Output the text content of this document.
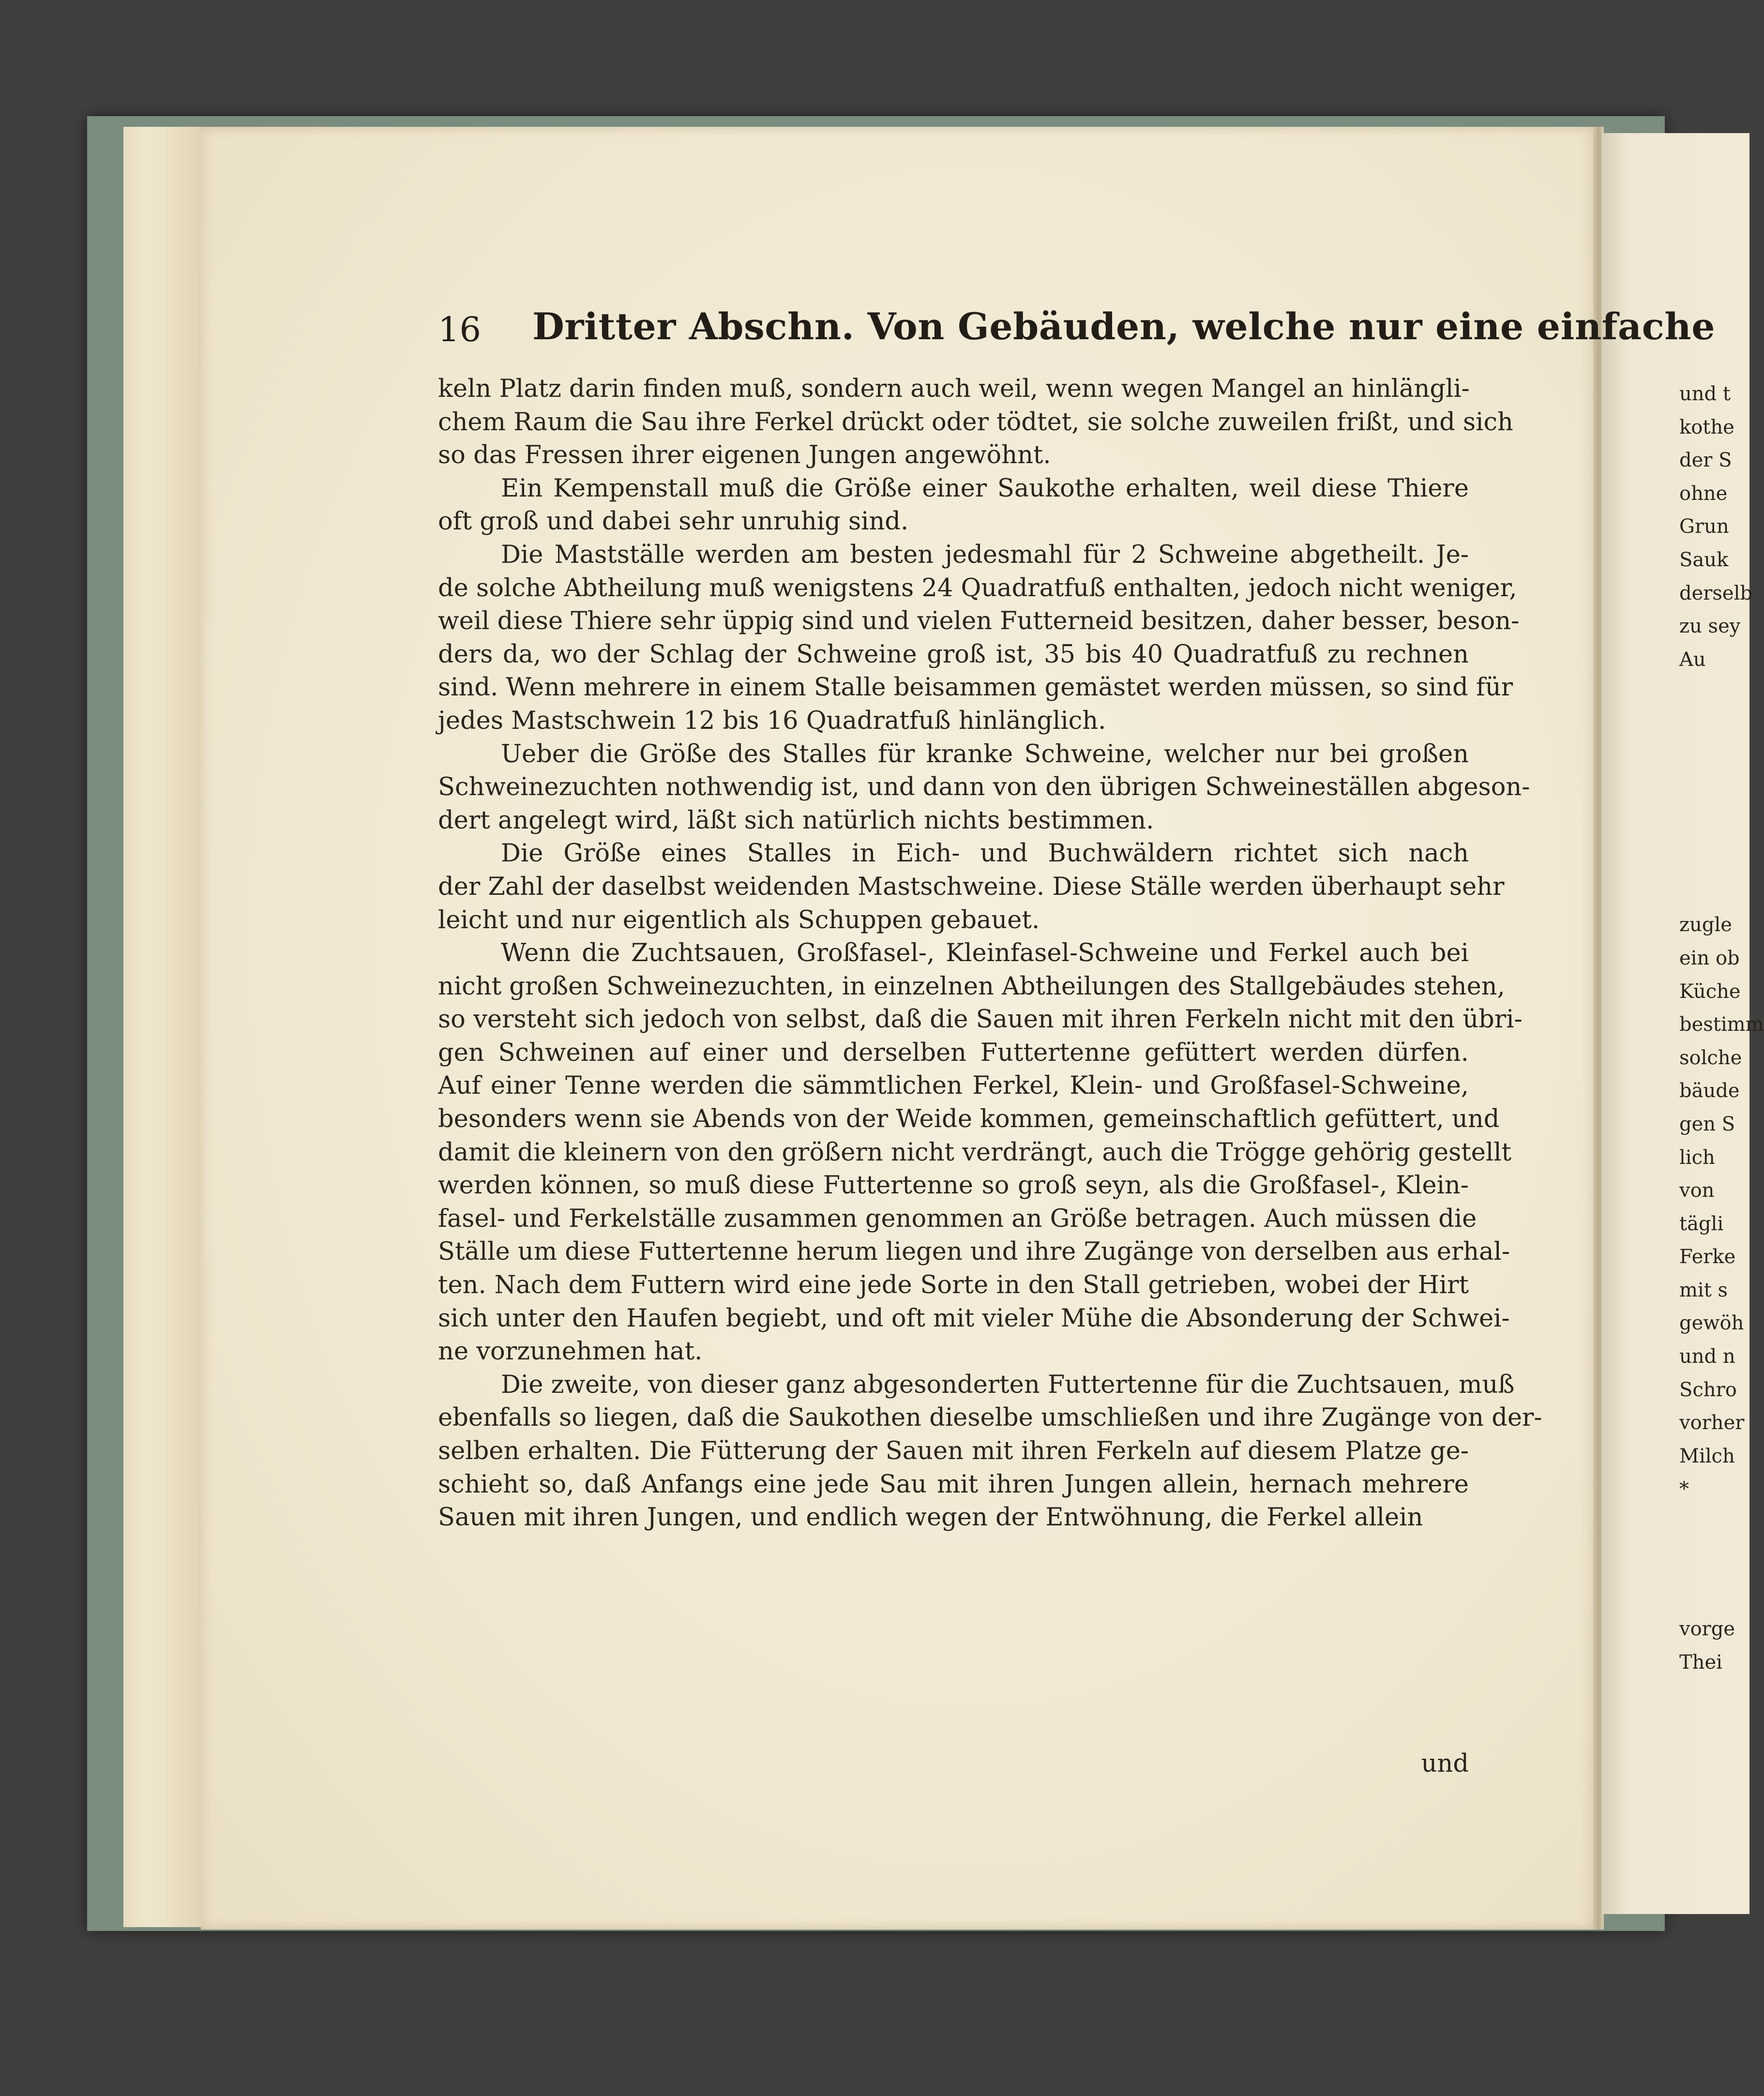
16 Dritter Abschn. Von Gebäuden, welche nur eine einfache
keln Platz darin finden muß, sondern auch weil, wenn wegen Mangel an hinlängli-
chem Raum die Sau ihre Ferkel drückt oder tödtet, sie solche zuweilen frißt, und sich
so das Fressen ihrer eigenen Jungen angewöhnt.
Ein Kempenstall muß die Größe einer Saukothe erhalten, weil diese Thiere
oft groß und dabei sehr unruhig sind.
Die Mastställe werden am besten jedesmahl für 2 Schweine abgetheilt. Je-
de solche Abtheilung muß wenigstens 24 Quadratfuß enthalten, jedoch nicht weniger,
weil diese Thiere sehr üppig sind und vielen Futterneid besitzen, daher besser, beson-
ders da, wo der Schlag der Schweine groß ist, 35 bis 40 Quadratfuß zu rechnen
sind. Wenn mehrere in einem Stalle beisammen gemästet werden müssen, so sind für
jedes Mastschwein 12 bis 16 Quadratfuß hinlänglich.
Ueber die Größe des Stalles für kranke Schweine, welcher nur bei großen
Schweinezuchten nothwendig ist, und dann von den übrigen Schweineställen abgeson-
dert angelegt wird, läßt sich natürlich nichts bestimmen.
Die Größe eines Stalles in Eich- und Buchwäldern richtet sich nach
der Zahl der daselbst weidenden Mastschweine. Diese Ställe werden überhaupt sehr
leicht und nur eigentlich als Schuppen gebauet.
Wenn die Zuchtsauen, Großfasel-, Kleinfasel-Schweine und Ferkel auch bei
nicht großen Schweinezuchten, in einzelnen Abtheilungen des Stallgebäudes stehen,
so versteht sich jedoch von selbst, daß die Sauen mit ihren Ferkeln nicht mit den übri-
gen Schweinen auf einer und derselben Futtertenne gefüttert werden dürfen.
Auf einer Tenne werden die sämmtlichen Ferkel, Klein- und Großfasel-Schweine,
besonders wenn sie Abends von der Weide kommen, gemeinschaftlich gefüttert, und
damit die kleinern von den größern nicht verdrängt, auch die Trögge gehörig gestellt
werden können, so muß diese Futtertenne so groß seyn, als die Großfasel-, Klein-
fasel- und Ferkelställe zusammen genommen an Größe betragen. Auch müssen die
Ställe um diese Futtertenne herum liegen und ihre Zugänge von derselben aus erhal-
ten. Nach dem Futtern wird eine jede Sorte in den Stall getrieben, wobei der Hirt
sich unter den Haufen begiebt, und oft mit vieler Mühe die Absonderung der Schwei-
ne vorzunehmen hat.
Die zweite, von dieser ganz abgesonderten Futtertenne für die Zuchtsauen, muß
ebenfalls so liegen, daß die Saukothen dieselbe umschließen und ihre Zugänge von der-
selben erhalten. Die Fütterung der Sauen mit ihren Ferkeln auf diesem Platze ge-
schieht so, daß Anfangs eine jede Sau mit ihren Jungen allein, hernach mehrere
Sauen mit ihren Jungen, und endlich wegen der Entwöhnung, die Ferkel allein
und
und t
kothe
der S
ohne
Grun
Sauk
derselb
zu sey
Au
zugle
ein ob
Küche
bestimm
solche
bäude
gen S
lich
von
tägli
Ferke
mit s
gewöh
und n
Schro
vorher
Milch
*
vorge
Thei
